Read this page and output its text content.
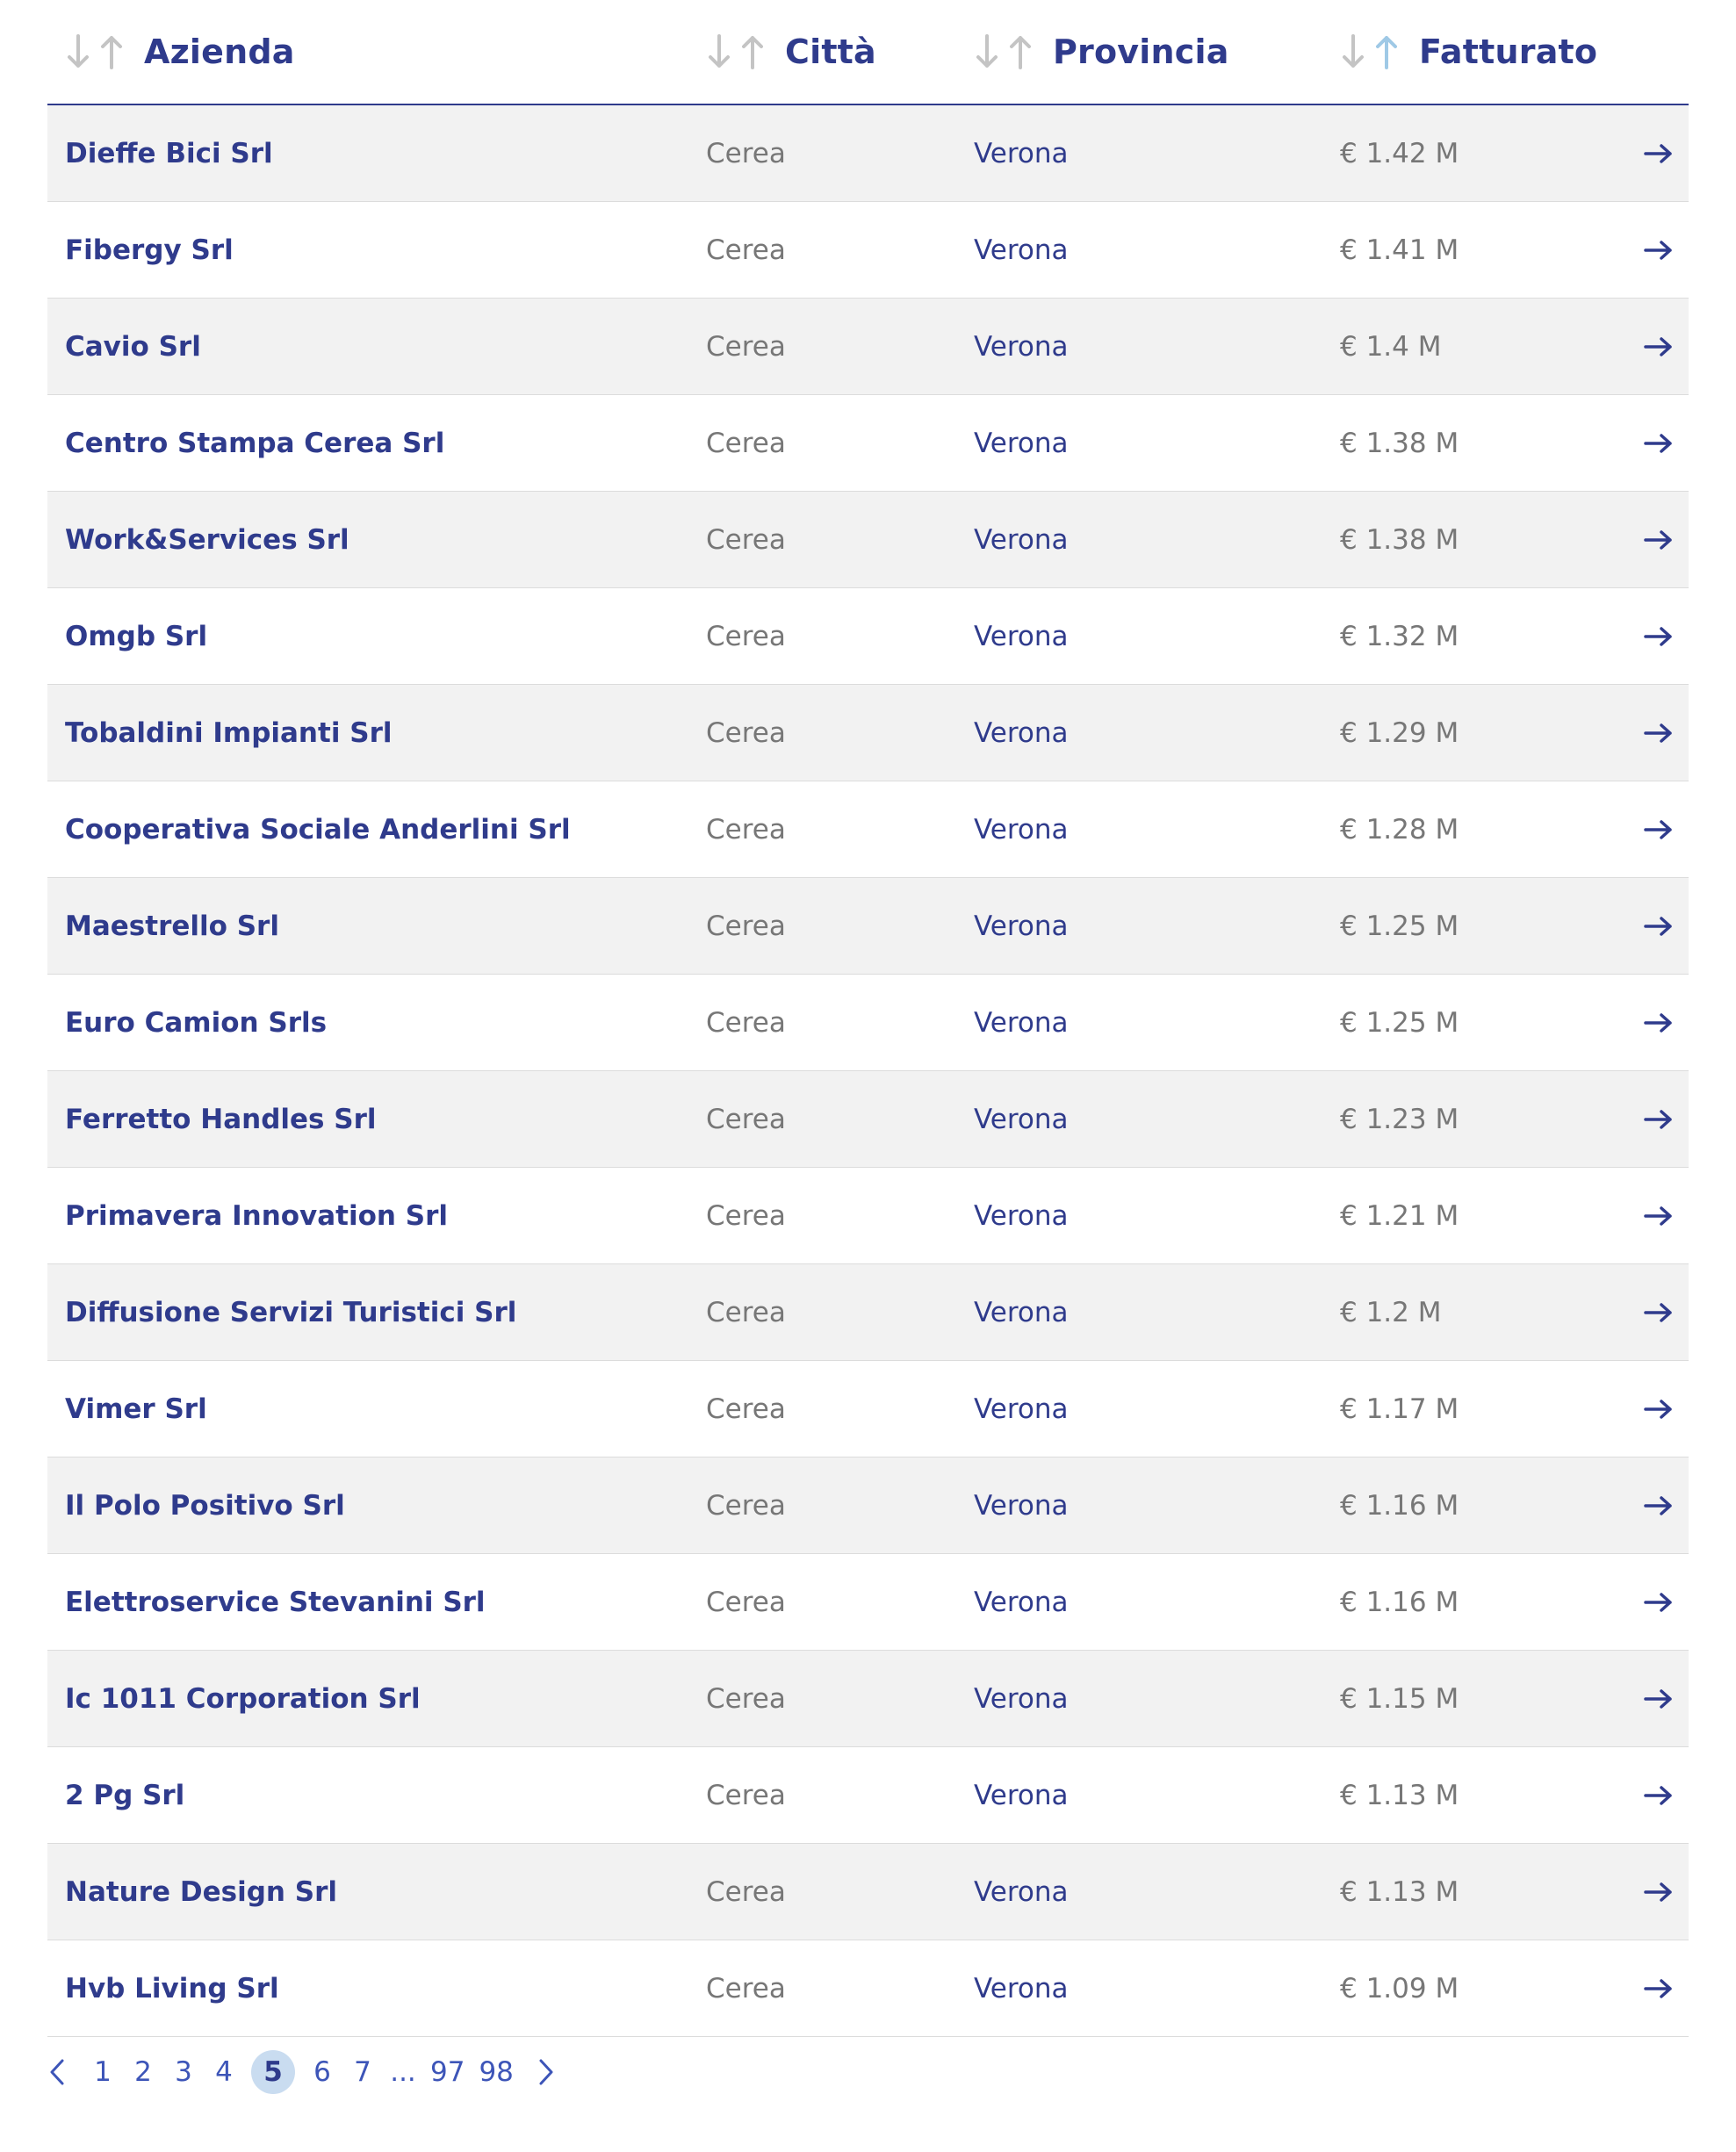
Azienda	Città	Provincia	Fatturato
Dieffe Bici Srl	Cerea	Verona	€ 1.42 M
Fibergy Srl	Cerea	Verona	€ 1.41 M
Cavio Srl	Cerea	Verona	€ 1.4 M
Centro Stampa Cerea Srl	Cerea	Verona	€ 1.38 M
Work&Services Srl	Cerea	Verona	€ 1.38 M
Omgb Srl	Cerea	Verona	€ 1.32 M
Tobaldini Impianti Srl	Cerea	Verona	€ 1.29 M
Cooperativa Sociale Anderlini Srl	Cerea	Verona	€ 1.28 M
Maestrello Srl	Cerea	Verona	€ 1.25 M
Euro Camion Srls	Cerea	Verona	€ 1.25 M
Ferretto Handles Srl	Cerea	Verona	€ 1.23 M
Primavera Innovation Srl	Cerea	Verona	€ 1.21 M
Diffusione Servizi Turistici Srl	Cerea	Verona	€ 1.2 M
Vimer Srl	Cerea	Verona	€ 1.17 M
Il Polo Positivo Srl	Cerea	Verona	€ 1.16 M
Elettroservice Stevanini Srl	Cerea	Verona	€ 1.16 M
Ic 1011 Corporation Srl	Cerea	Verona	€ 1.15 M
2 Pg Srl	Cerea	Verona	€ 1.13 M
Nature Design Srl	Cerea	Verona	€ 1.13 M
Hvb Living Srl	Cerea	Verona	€ 1.09 M
1 2 3 4	5	6 7 ... 97 98
